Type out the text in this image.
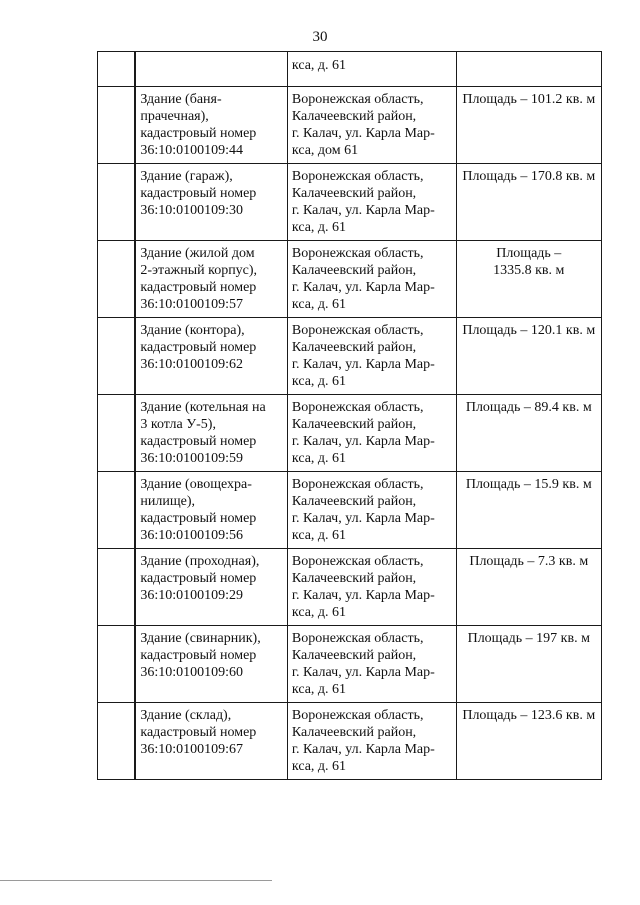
30

			кса, д. 61	

		Здание (баня-
прачечная),
кадастровый номер
36:10:0100109:44	Воронежская область,
Калачеевский район,
г. Калач, ул. Карла Мар-
кса, дом 61	Площадь – 101.2 кв. м

		Здание (гараж),
кадастровый номер
36:10:0100109:30	Воронежская область,
Калачеевский район,
г. Калач, ул. Карла Мар-
кса, д. 61	Площадь – 170.8 кв. м

		Здание (жилой дом
2-этажный корпус),
кадастровый номер
36:10:0100109:57	Воронежская область,
Калачеевский район,
г. Калач, ул. Карла Мар-
кса, д. 61	Площадь –
1335.8 кв. м

		Здание (контора),
кадастровый номер
36:10:0100109:62	Воронежская область,
Калачеевский район,
г. Калач, ул. Карла Мар-
кса, д. 61	Площадь – 120.1 кв. м

		Здание (котельная на
3 котла У-5),
кадастровый номер
36:10:0100109:59	Воронежская область,
Калачеевский район,
г. Калач, ул. Карла Мар-
кса, д. 61	Площадь – 89.4 кв. м

		Здание (овощехра-
нилище),
кадастровый номер
36:10:0100109:56	Воронежская область,
Калачеевский район,
г. Калач, ул. Карла Мар-
кса, д. 61	Площадь – 15.9 кв. м

		Здание (проходная),
кадастровый номер
36:10:0100109:29	Воронежская область,
Калачеевский район,
г. Калач, ул. Карла Мар-
кса, д. 61	Площадь – 7.3 кв. м

		Здание (свинарник),
кадастровый номер
36:10:0100109:60	Воронежская область,
Калачеевский район,
г. Калач, ул. Карла Мар-
кса, д. 61	Площадь – 197 кв. м

		Здание (склад),
кадастровый номер
36:10:0100109:67	Воронежская область,
Калачеевский район,
г. Калач, ул. Карла Мар-
кса, д. 61	Площадь – 123.6 кв. м
